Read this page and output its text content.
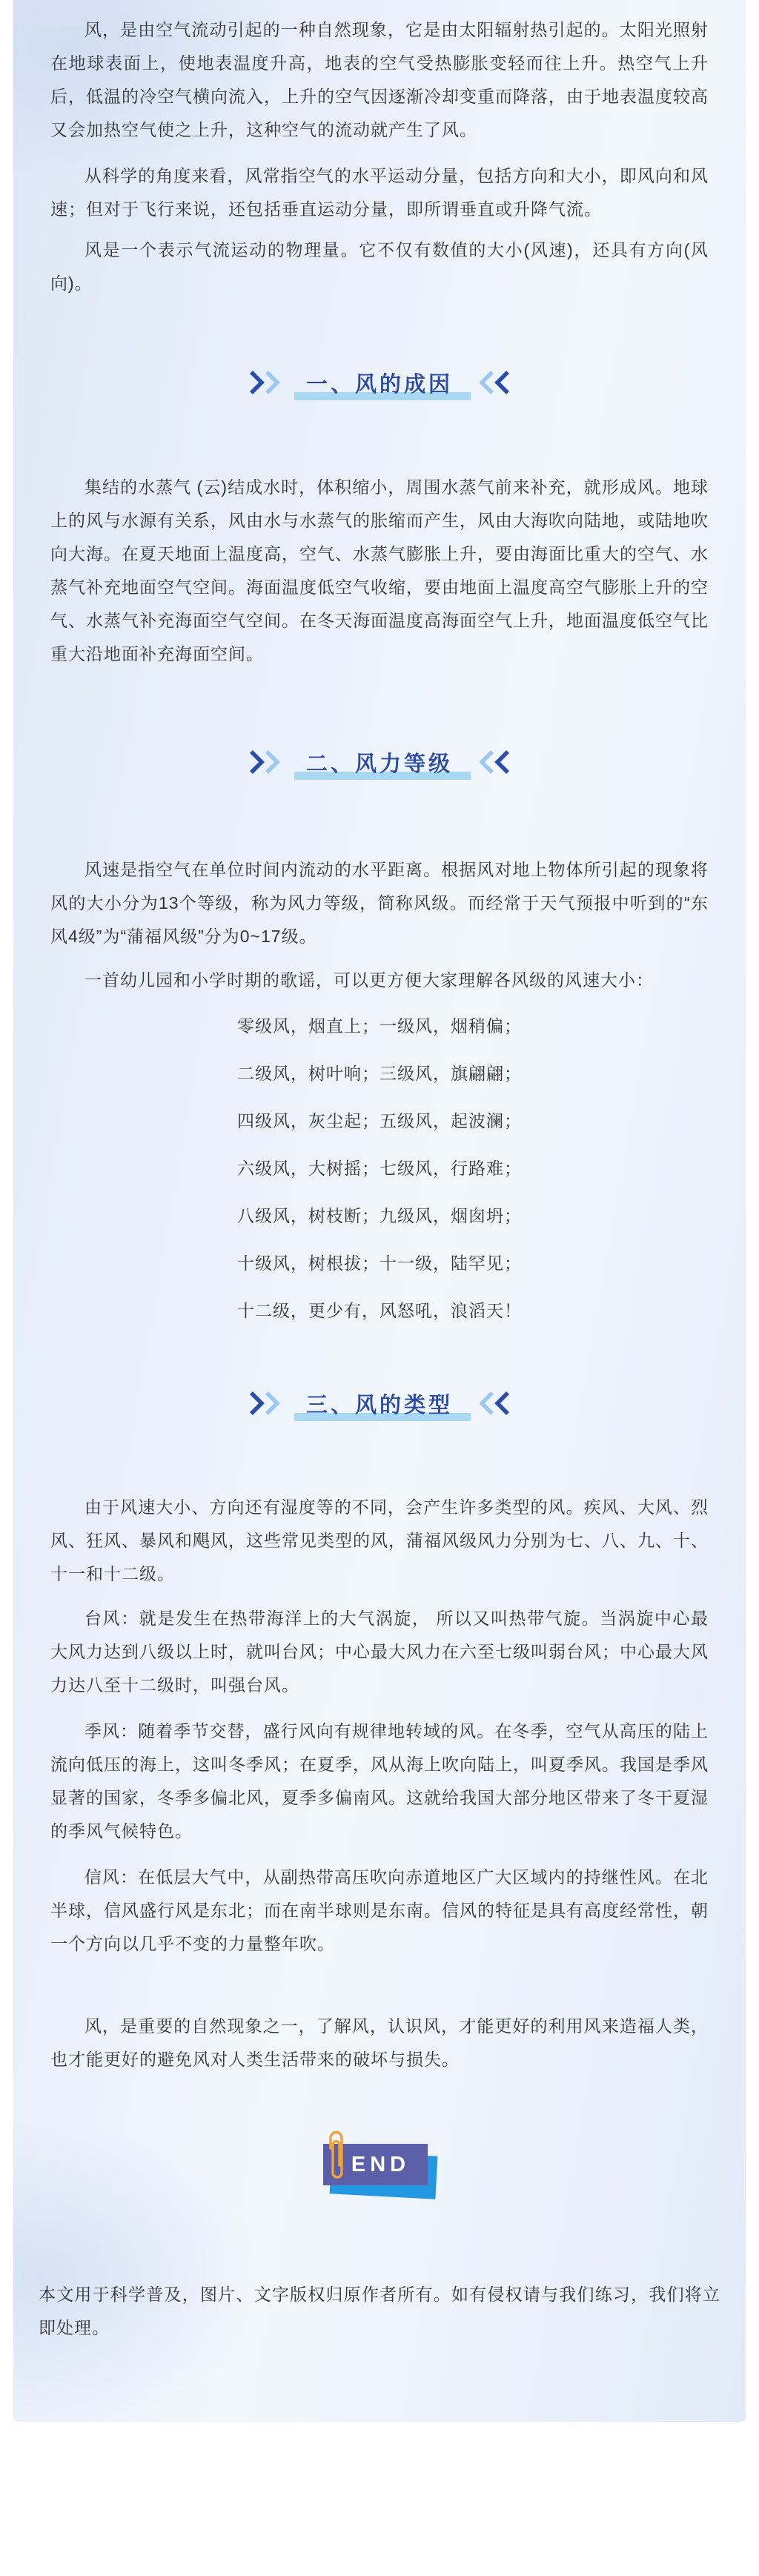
风，是由空气流动引起的一种自然现象，它是由太阳辐射热引起的。太阳光照射在地球表面上，使地表温度升高，地表的空气受热膨胀变轻而往上升。热空气上升后，低温的冷空气横向流入，上升的空气因逐渐冷却变重而降落，由于地表温度较高又会加热空气使之上升，这种空气的流动就产生了风。

从科学的角度来看，风常指空气的水平运动分量，包括方向和大小，即风向和风速；但对于飞行来说，还包括垂直运动分量，即所谓垂直或升降气流。

风是一个表示气流运动的物理量。它不仅有数值的大小(风速)，还具有方向(风向)。

一、风的成因

集结的水蒸气 (云)结成水时，体积缩小，周围水蒸气前来补充，就形成风。地球上的风与水源有关系，风由水与水蒸气的胀缩而产生，风由大海吹向陆地，或陆地吹向大海。在夏天地面上温度高，空气、水蒸气膨胀上升，要由海面比重大的空气、水蒸气补充地面空气空间。海面温度低空气收缩，要由地面上温度高空气膨胀上升的空气、水蒸气补充海面空气空间。在冬天海面温度高海面空气上升，地面温度低空气比重大沿地面补充海面空间。

二、风力等级

风速是指空气在单位时间内流动的水平距离。根据风对地上物体所引起的现象将风的大小分为13个等级，称为风力等级，简称风级。而经常于天气预报中听到的“东风4级”为“蒲福风级”分为0~17级。

一首幼儿园和小学时期的歌谣，可以更方便大家理解各风级的风速大小：

零级风，烟直上；一级风，烟稍偏；
二级风，树叶响；三级风，旗翩翩；
四级风，灰尘起；五级风，起波澜；
六级风，大树摇；七级风，行路难；
八级风，树枝断；九级风，烟囱坍；
十级风，树根拔；十一级，陆罕见；
十二级，更少有，风怒吼，浪滔天！
三、风的类型

由于风速大小、方向还有湿度等的不同，会产生许多类型的风。疾风、大风、烈风、狂风、暴风和飓风，这些常见类型的风，蒲福风级风力分别为七、八、九、十、十一和十二级。

台风：就是发生在热带海洋上的大气涡旋， 所以又叫热带气旋。当涡旋中心最大风力达到八级以上时，就叫台风；中心最大风力在六至七级叫弱台风；中心最大风力达八至十二级时，叫强台风。

季风：随着季节交替，盛行风向有规律地转域的风。在冬季，空气从高压的陆上流向低压的海上，这叫冬季风；在夏季，风从海上吹向陆上，叫夏季风。我国是季风显著的国家，冬季多偏北风，夏季多偏南风。这就给我国大部分地区带来了冬干夏湿的季风气候特色。

信风：在低层大气中，从副热带高压吹向赤道地区广大区域内的持继性风。在北半球，信风盛行风是东北；而在南半球则是东南。信风的特征是具有高度经常性，朝一个方向以几乎不变的力量整年吹。

风，是重要的自然现象之一，了解风，认识风，才能更好的利用风来造福人类，也才能更好的避免风对人类生活带来的破坏与损失。

END

本文用于科学普及，图片、文字版权归原作者所有。如有侵权请与我们练习，我们将立即处理。
